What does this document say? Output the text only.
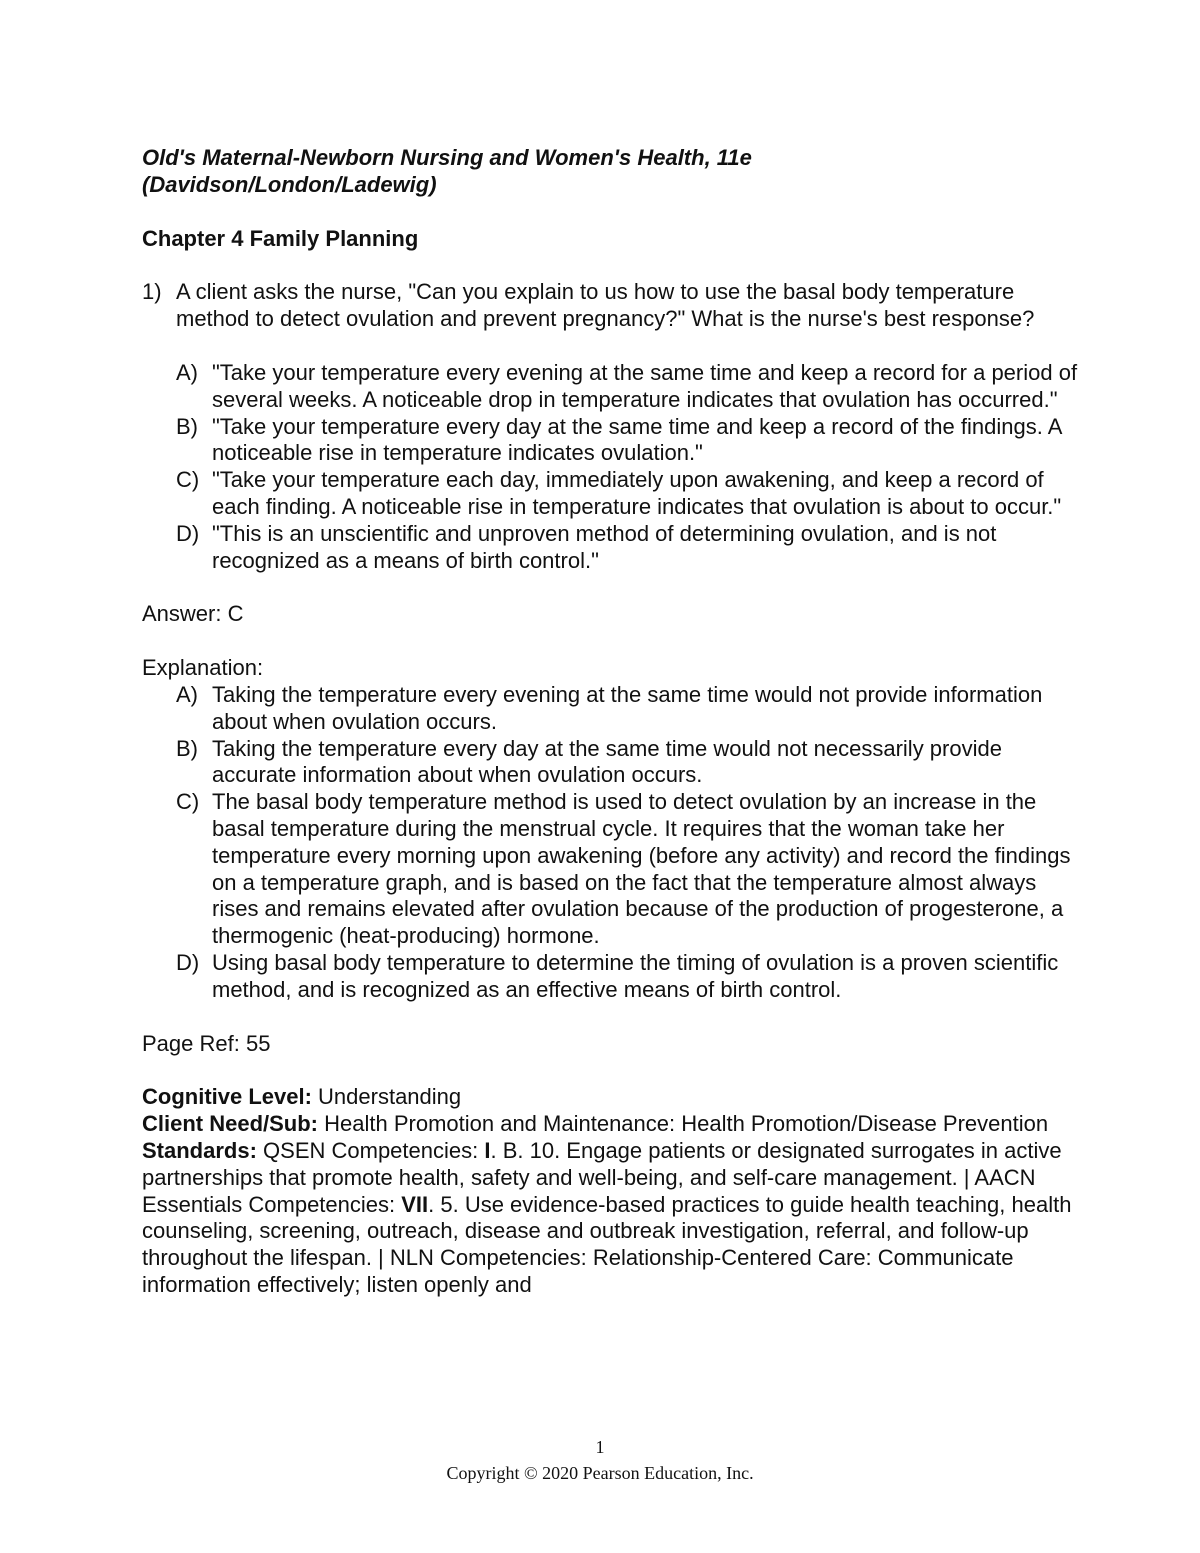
Old's Maternal-Newborn Nursing and Women's Health, 11e
(Davidson/London/Ladewig)
Chapter 4 Family Planning
1) A client asks the nurse, "Can you explain to us how to use the basal body temperature method to detect ovulation and prevent pregnancy?" What is the nurse's best response?
A) "Take your temperature every evening at the same time and keep a record for a period of several weeks. A noticeable drop in temperature indicates that ovulation has occurred."
B) "Take your temperature every day at the same time and keep a record of the findings. A noticeable rise in temperature indicates ovulation."
C) "Take your temperature each day, immediately upon awakening, and keep a record of each finding. A noticeable rise in temperature indicates that ovulation is about to occur."
D) "This is an unscientific and unproven method of determining ovulation, and is not recognized as a means of birth control."
Answer: C
Explanation:
A) Taking the temperature every evening at the same time would not provide information about when ovulation occurs.
B) Taking the temperature every day at the same time would not necessarily provide accurate information about when ovulation occurs.
C) The basal body temperature method is used to detect ovulation by an increase in the basal temperature during the menstrual cycle. It requires that the woman take her temperature every morning upon awakening (before any activity) and record the findings on a temperature graph, and is based on the fact that the temperature almost always rises and remains elevated after ovulation because of the production of progesterone, a thermogenic (heat-producing) hormone.
D) Using basal body temperature to determine the timing of ovulation is a proven scientific method, and is recognized as an effective means of birth control.
Page Ref: 55
Cognitive Level: Understanding
Client Need/Sub: Health Promotion and Maintenance: Health Promotion/Disease Prevention
Standards: QSEN Competencies: I. B. 10. Engage patients or designated surrogates in active partnerships that promote health, safety and well-being, and self-care management. | AACN Essentials Competencies: VII. 5. Use evidence-based practices to guide health teaching, health counseling, screening, outreach, disease and outbreak investigation, referral, and follow-up throughout the lifespan. | NLN Competencies: Relationship-Centered Care: Communicate information effectively; listen openly and
1
Copyright © 2020 Pearson Education, Inc.
